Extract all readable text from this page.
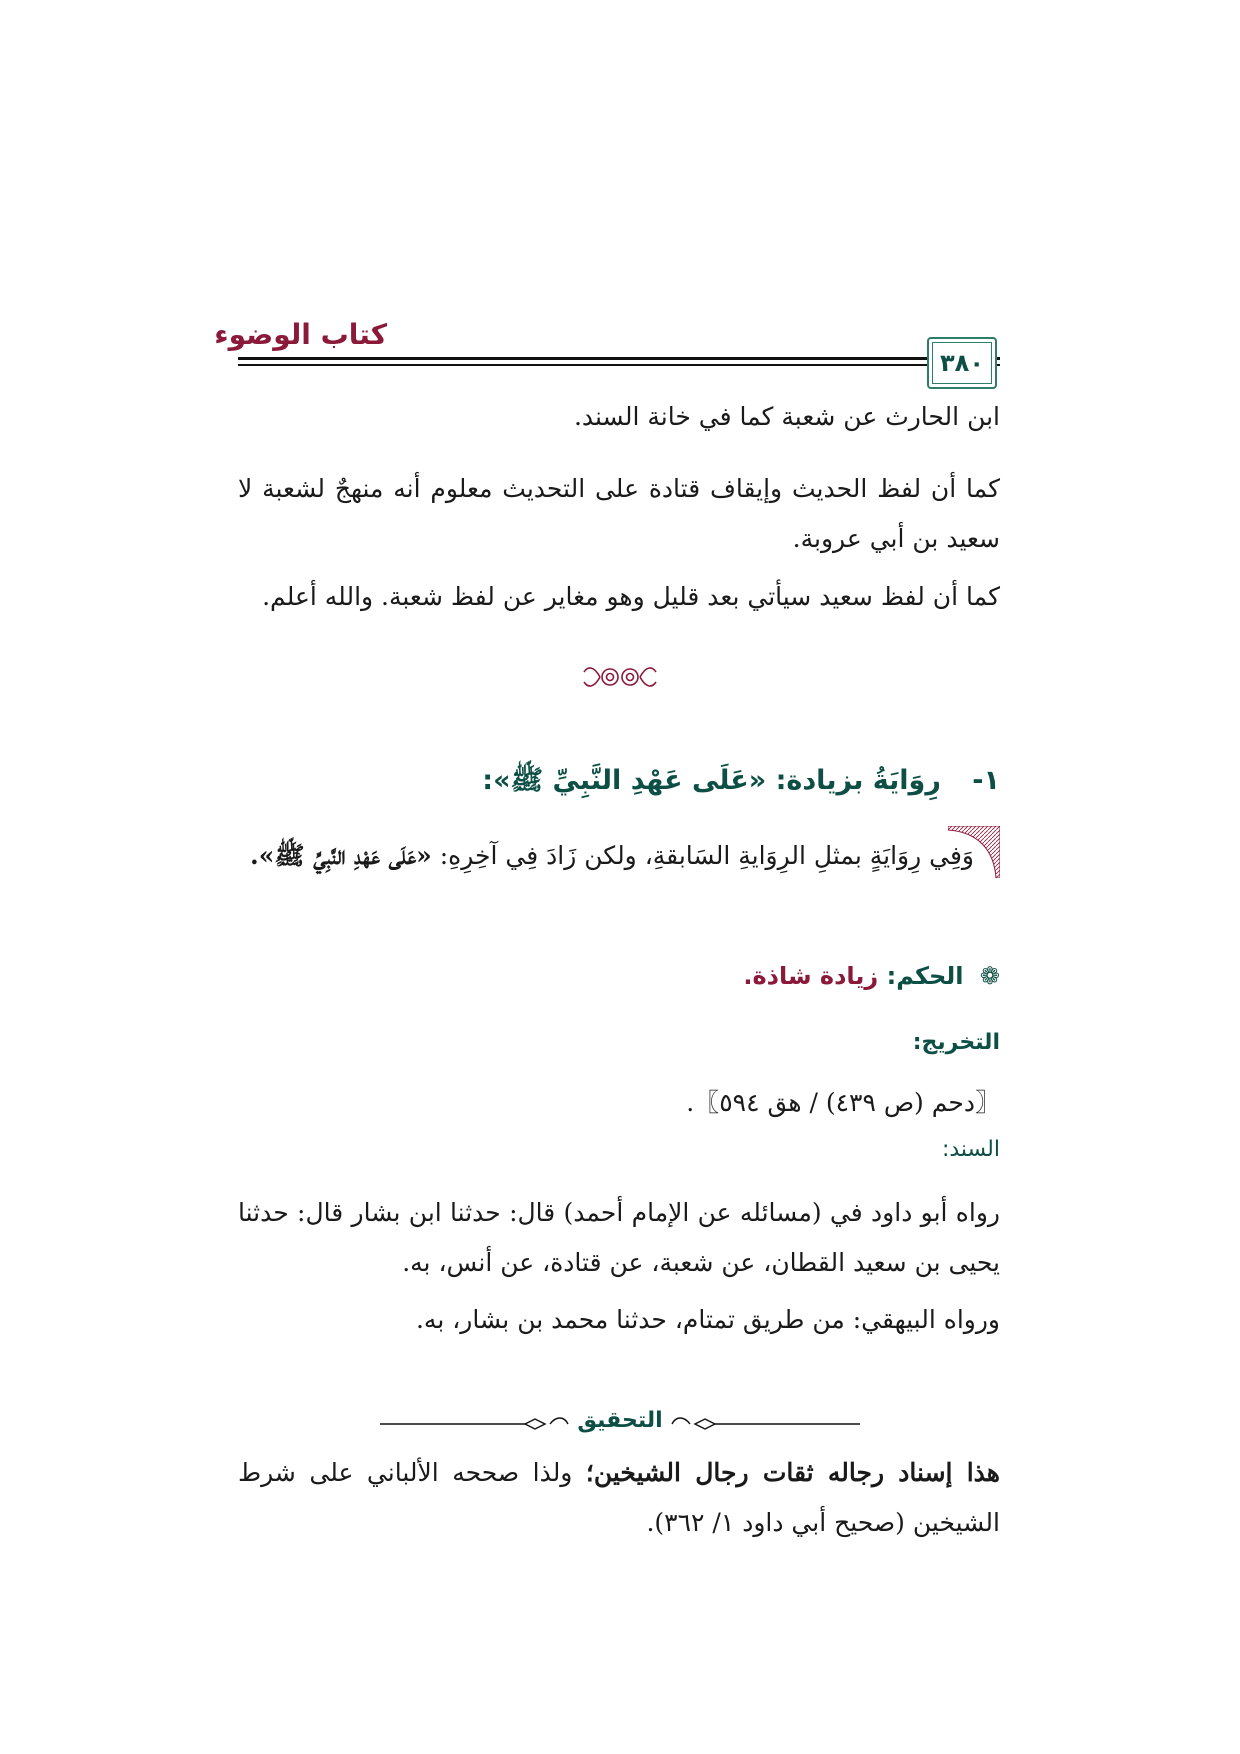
كتاب الوضوء
٣٨٠
ابن الحارث عن شعبة كما في خانة السند.
كما أن لفظ الحديث وإيقاف قتادة على التحديث معلوم أنه منهجٌ لشعبة لا سعيد بن أبي عروبة.
كما أن لفظ سعيد سيأتي بعد قليل وهو مغاير عن لفظ شعبة. والله أعلم.
١- رِوَايَةُ بزيادة: «عَلَى عَهْدِ النَّبِيِّ ﷺ»:
وَفِي رِوَايَةٍ بمثلِ الرِوَايةِ السَابقةِ، ولكن زَادَ فِي آخِرِهِ: «عَلَى عَهْدِ النَّبِيِّ ﷺ».
❁ الحكم: زيادة شاذة.
التخريج:
〖دحم (ص ٤٣٩) / هق ٥٩٤〗.
السند:
رواه أبو داود في (مسائله عن الإمام أحمد) قال: حدثنا ابن بشار قال: حدثنا يحيى بن سعيد القطان، عن شعبة، عن قتادة، عن أنس، به.
ورواه البيهقي: من طريق تمتام، حدثنا محمد بن بشار، به.
التحقيق
هذا إسناد رجاله ثقات رجال الشيخين؛ ولذا صححه الألباني على شرط الشيخين (صحيح أبي داود ١/ ٣٦٢).
